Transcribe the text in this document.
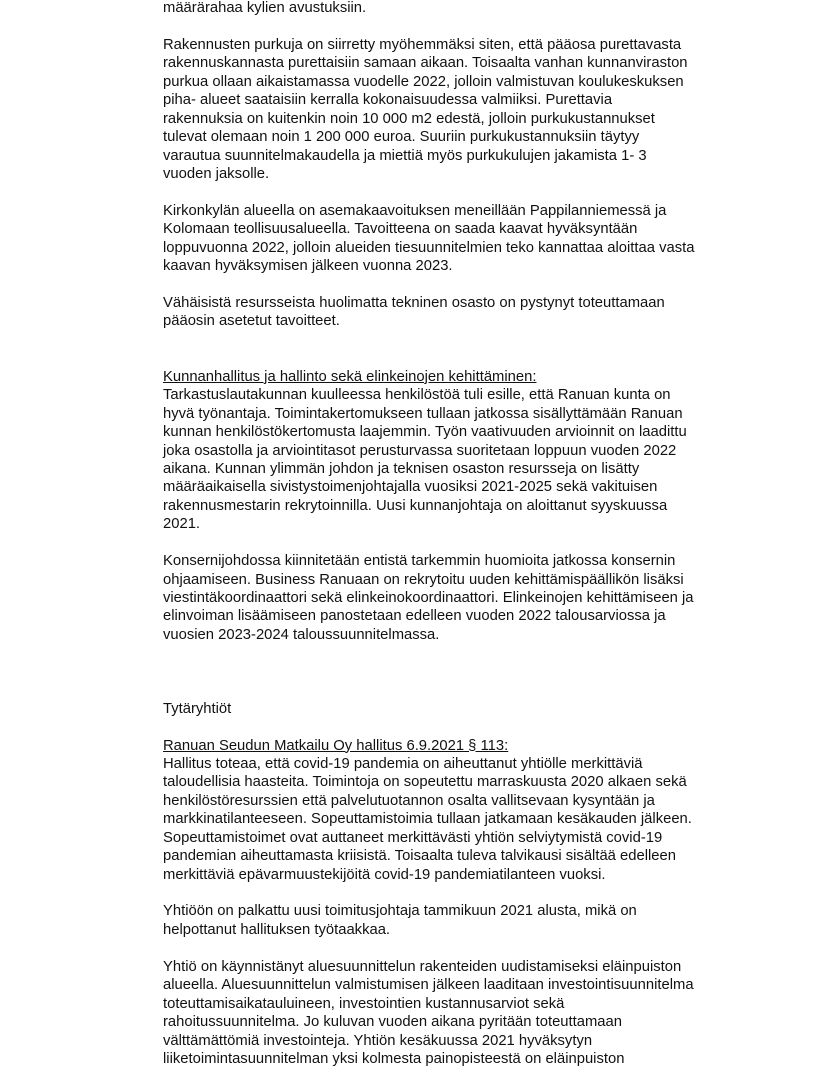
määrärahaa kylien avustuksiin.
Rakennusten purkuja on siirretty myöhemmäksi siten, että pääosa purettavasta
rakennuskannasta purettaisiin samaan aikaan. Toisaalta vanhan kunnanviraston
purkua ollaan aikaistamassa vuodelle 2022, jolloin valmistuvan koulukeskuksen
piha- alueet saataisiin kerralla kokonaisuudessa valmiiksi. Purettavia
rakennuksia on kuitenkin noin 10 000 m2 edestä, jolloin purkukustannukset
tulevat olemaan noin 1 200 000 euroa. Suuriin purkukustannuksiin täytyy
varautua suunnitelmakaudella ja miettiä myös purkukulujen jakamista 1- 3
vuoden jaksolle.
Kirkonkylän alueella on asemakaavoituksen meneillään Pappilanniemessä ja
Kolomaan teollisuusalueella. Tavoitteena on saada kaavat hyväksyntään
loppuvuonna 2022, jolloin alueiden tiesuunnitelmien teko kannattaa aloittaa vasta
kaavan hyväksymisen jälkeen vuonna 2023.
Vähäisistä resursseista huolimatta tekninen osasto on pystynyt toteuttamaan
pääosin asetetut tavoitteet.
Kunnanhallitus ja hallinto sekä elinkeinojen kehittäminen:
Tarkastuslautakunnan kuulleessa henkilöstöä tuli esille, että Ranuan kunta on
hyvä työnantaja. Toimintakertomukseen tullaan jatkossa sisällyttämään Ranuan
kunnan henkilöstökertomusta laajemmin. Työn vaativuuden arvioinnit on laadittu
joka osastolla ja arviointitasot perusturvassa suoritetaan loppuun vuoden 2022
aikana. Kunnan ylimmän johdon ja teknisen osaston resursseja on lisätty
määräaikaisella sivistystoimenjohtajalla vuosiksi 2021-2025 sekä vakituisen
rakennusmestarin rekrytoinnilla. Uusi kunnanjohtaja on aloittanut syyskuussa
2021.
Konsernijohdossa kiinnitetään entistä tarkemmin huomioita jatkossa konsernin
ohjaamiseen. Business Ranuaan on rekrytoitu uuden kehittämispäällikön lisäksi
viestintäkoordinaattori sekä elinkeinokoordinaattori. Elinkeinojen kehittämiseen ja
elinvoiman lisäämiseen panostetaan edelleen vuoden 2022 talousarviossa ja
vuosien 2023-2024 taloussuunnitelmassa.
Tytäryhtiöt
Ranuan Seudun Matkailu Oy hallitus 6.9.2021 § 113:
Hallitus toteaa, että covid-19 pandemia on aiheuttanut yhtiölle merkittäviä
taloudellisia haasteita. Toimintoja on sopeutettu marraskuusta 2020 alkaen sekä
henkilöstöresurssien että palvelutuotannon osalta vallitsevaan kysyntään ja
markkinatilanteeseen. Sopeuttamistoimia tullaan jatkamaan kesäkauden jälkeen.
Sopeuttamistoimet ovat auttaneet merkittävästi yhtiön selviytymistä covid-19
pandemian aiheuttamasta kriisistä. Toisaalta tuleva talvikausi sisältää edelleen
merkittäviä epävarmuustekijöitä covid-19 pandemiatilanteen vuoksi.
Yhtiöön on palkattu uusi toimitusjohtaja tammikuun 2021 alusta, mikä on
helpottanut hallituksen työtaakkaa.
Yhtiö on käynnistänyt aluesuunnittelun rakenteiden uudistamiseksi eläinpuiston
alueella. Aluesuunnittelun valmistumisen jälkeen laaditaan investointisuunnitelma
toteuttamisaikatauluineen, investointien kustannusarviot sekä
rahoitussuunnitelma. Jo kuluvan vuoden aikana pyritään toteuttamaan
välttämättömiä investointeja. Yhtiön kesäkuussa 2021 hyväksytyn
liiketoimintasuunnitelman yksi kolmesta painopisteestä on eläinpuiston
